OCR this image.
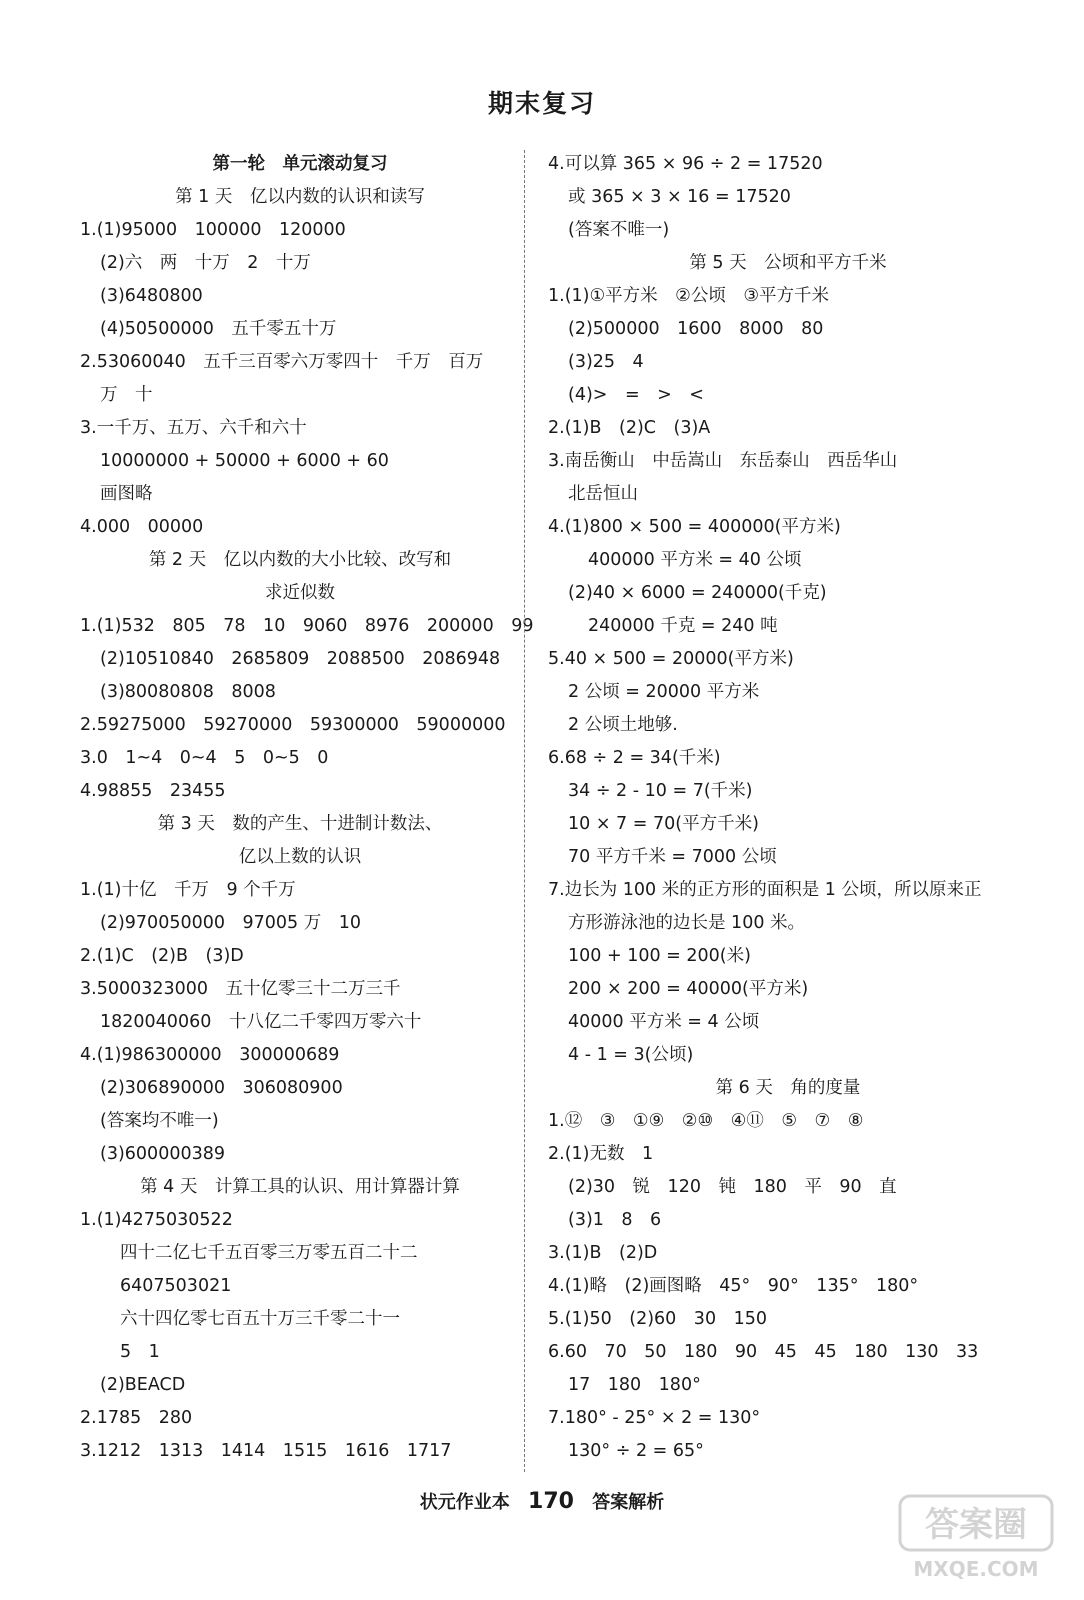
期末复习
第一轮　单元滚动复习
第 1 天　亿以内数的认识和读写
1.(1)95000　100000　120000
(2)六　两　十万　2　十万
(3)6480800
(4)50500000　五千零五十万
2.53060040　五千三百零六万零四十　千万　百万
万　十
3.一千万、五万、六千和六十
10000000 + 50000 + 6000 + 60
画图略
4.000　00000
第 2 天　亿以内数的大小比较、改写和
求近似数
1.(1)532　805　78　10　9060　8976　200000　99
(2)10510840　2685809　2088500　2086948
(3)80080808　8008
2.59275000　59270000　59300000　59000000
3.0　1~4　0~4　5　0~5　0
4.98855　23455
第 3 天　数的产生、十进制计数法、
亿以上数的认识
1.(1)十亿　千万　9 个千万
(2)970050000　97005 万　10
2.(1)C　(2)B　(3)D
3.5000323000　五十亿零三十二万三千
1820040060　十八亿二千零四万零六十
4.(1)986300000　300000689
(2)306890000　306080900
(答案均不唯一)
(3)600000389
第 4 天　计算工具的认识、用计算器计算
1.(1)4275030522
四十二亿七千五百零三万零五百二十二
6407503021
六十四亿零七百五十万三千零二十一
5　1
(2)BEACD
2.1785　280
3.1212　1313　1414　1515　1616　1717
4.可以算 365 × 96 ÷ 2 = 17520
或 365 × 3 × 16 = 17520
(答案不唯一)
第 5 天　公顷和平方千米
1.(1)①平方米　②公顷　③平方千米
(2)500000　1600　8000　80
(3)25　4
(4)>　=　>　<
2.(1)B　(2)C　(3)A
3.南岳衡山　中岳嵩山　东岳泰山　西岳华山
北岳恒山
4.(1)800 × 500 = 400000(平方米)
400000 平方米 = 40 公顷
(2)40 × 6000 = 240000(千克)
240000 千克 = 240 吨
5.40 × 500 = 20000(平方米)
2 公顷 = 20000 平方米
2 公顷土地够.
6.68 ÷ 2 = 34(千米)
34 ÷ 2 - 10 = 7(千米)
10 × 7 = 70(平方千米)
70 平方千米 = 7000 公顷
7.边长为 100 米的正方形的面积是 1 公顷，所以原来正
方形游泳池的边长是 100 米。
100 + 100 = 200(米)
200 × 200 = 40000(平方米)
40000 平方米 = 4 公顷
4 - 1 = 3(公顷)
第 6 天　角的度量
1.⑫　③　①⑨　②⑩　④⑪　⑤　⑦　⑧
2.(1)无数　1
(2)30　锐　120　钝　180　平　90　直
(3)1　8　6
3.(1)B　(2)D
4.(1)略　(2)画图略　45°　90°　135°　180°
5.(1)50　(2)60　30　150
6.60　70　50　180　90　45　45　180　130　33
17　180　180°
7.180° - 25° × 2 = 130°
130° ÷ 2 = 65°
状元作业本 170 答案解析
答案圈
MXQE.COM
